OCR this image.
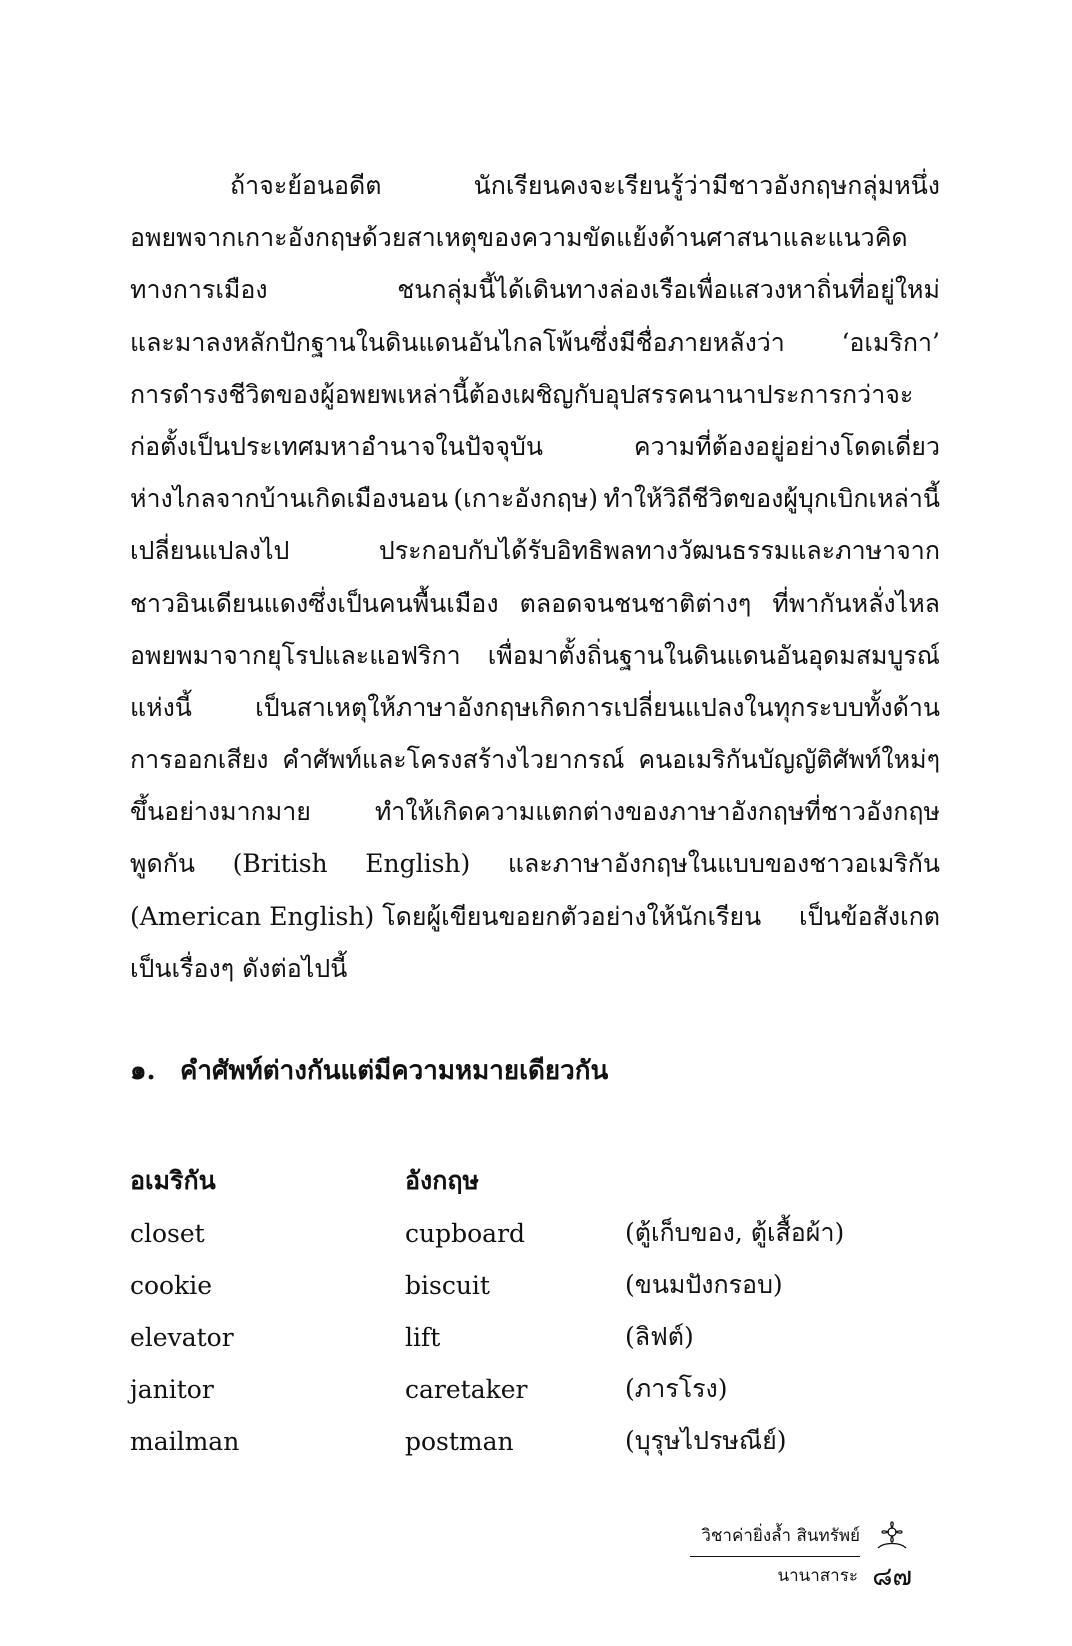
ถ้าจะย้อนอดีต	นักเรียนคงจะเรียนรู้ว่ามีชาวอังกฤษกลุ่มหนึ่ง
อพยพจากเกาะอังกฤษด้วยสาเหตุของความขัดแย้งด้านศาสนาและแนวคิด
ทางการเมือง	ชนกลุ่มนี้ได้เดินทางล่องเรือเพื่อแสวงหาถิ่นที่อยู่ใหม่
และมาลงหลักปักฐานในดินแดนอันไกลโพ้นซึ่งมีชื่อภายหลังว่า ‘อเมริกา’
การดำรงชีวิตของผู้อพยพเหล่านี้ต้องเผชิญกับอุปสรรคนานาประการกว่าจะ
ก่อตั้งเป็นประเทศมหาอำนาจในปัจจุบัน	ความที่ต้องอยู่อย่างโดดเดี่ยว
ห่างไกลจากบ้านเกิดเมืองนอน (เกาะอังกฤษ) ทำให้วิถีชีวิตของผู้บุกเบิกเหล่านี้
เปลี่ยนแปลงไป	ประกอบกับได้รับอิทธิพลทางวัฒนธรรมและภาษาจาก
ชาวอินเดียนแดงซึ่งเป็นคนพื้นเมือง ตลอดจนชนชาติต่างๆ ที่พากันหลั่งไหล
อพยพมาจากยุโรปและแอฟริกา เพื่อมาตั้งถิ่นฐานในดินแดนอันอุดมสมบูรณ์
แห่งนี้	เป็นสาเหตุให้ภาษาอังกฤษเกิดการเปลี่ยนแปลงในทุกระบบทั้งด้าน
การออกเสียง คำศัพท์และโครงสร้างไวยากรณ์ คนอเมริกันบัญญัติศัพท์ใหม่ๆ
ขึ้นอย่างมากมาย	ทำให้เกิดความแตกต่างของภาษาอังกฤษที่ชาวอังกฤษ
พูดกัน (British English) และภาษาอังกฤษในแบบของชาวอเมริกัน
(American English) โดยผู้เขียนขอยกตัวอย่างให้นักเรียน เป็นข้อสังเกต
เป็นเรื่องๆ ดังต่อไปนี้
๑. คำศัพท์ต่างกันแต่มีความหมายเดียวกัน
อเมริกัน	อังกฤษ
closet	cupboard	(ตู้เก็บของ, ตู้เสื้อผ้า)
cookie	biscuit	(ขนมปังกรอบ)
elevator	lift	(ลิฟต์)
janitor	caretaker	(ภารโรง)
mailman	postman	(บุรุษไปรษณีย์)
วิชาค่ายิ่งล้ำ สินทรัพย์
นานาสาระ ๘๗
